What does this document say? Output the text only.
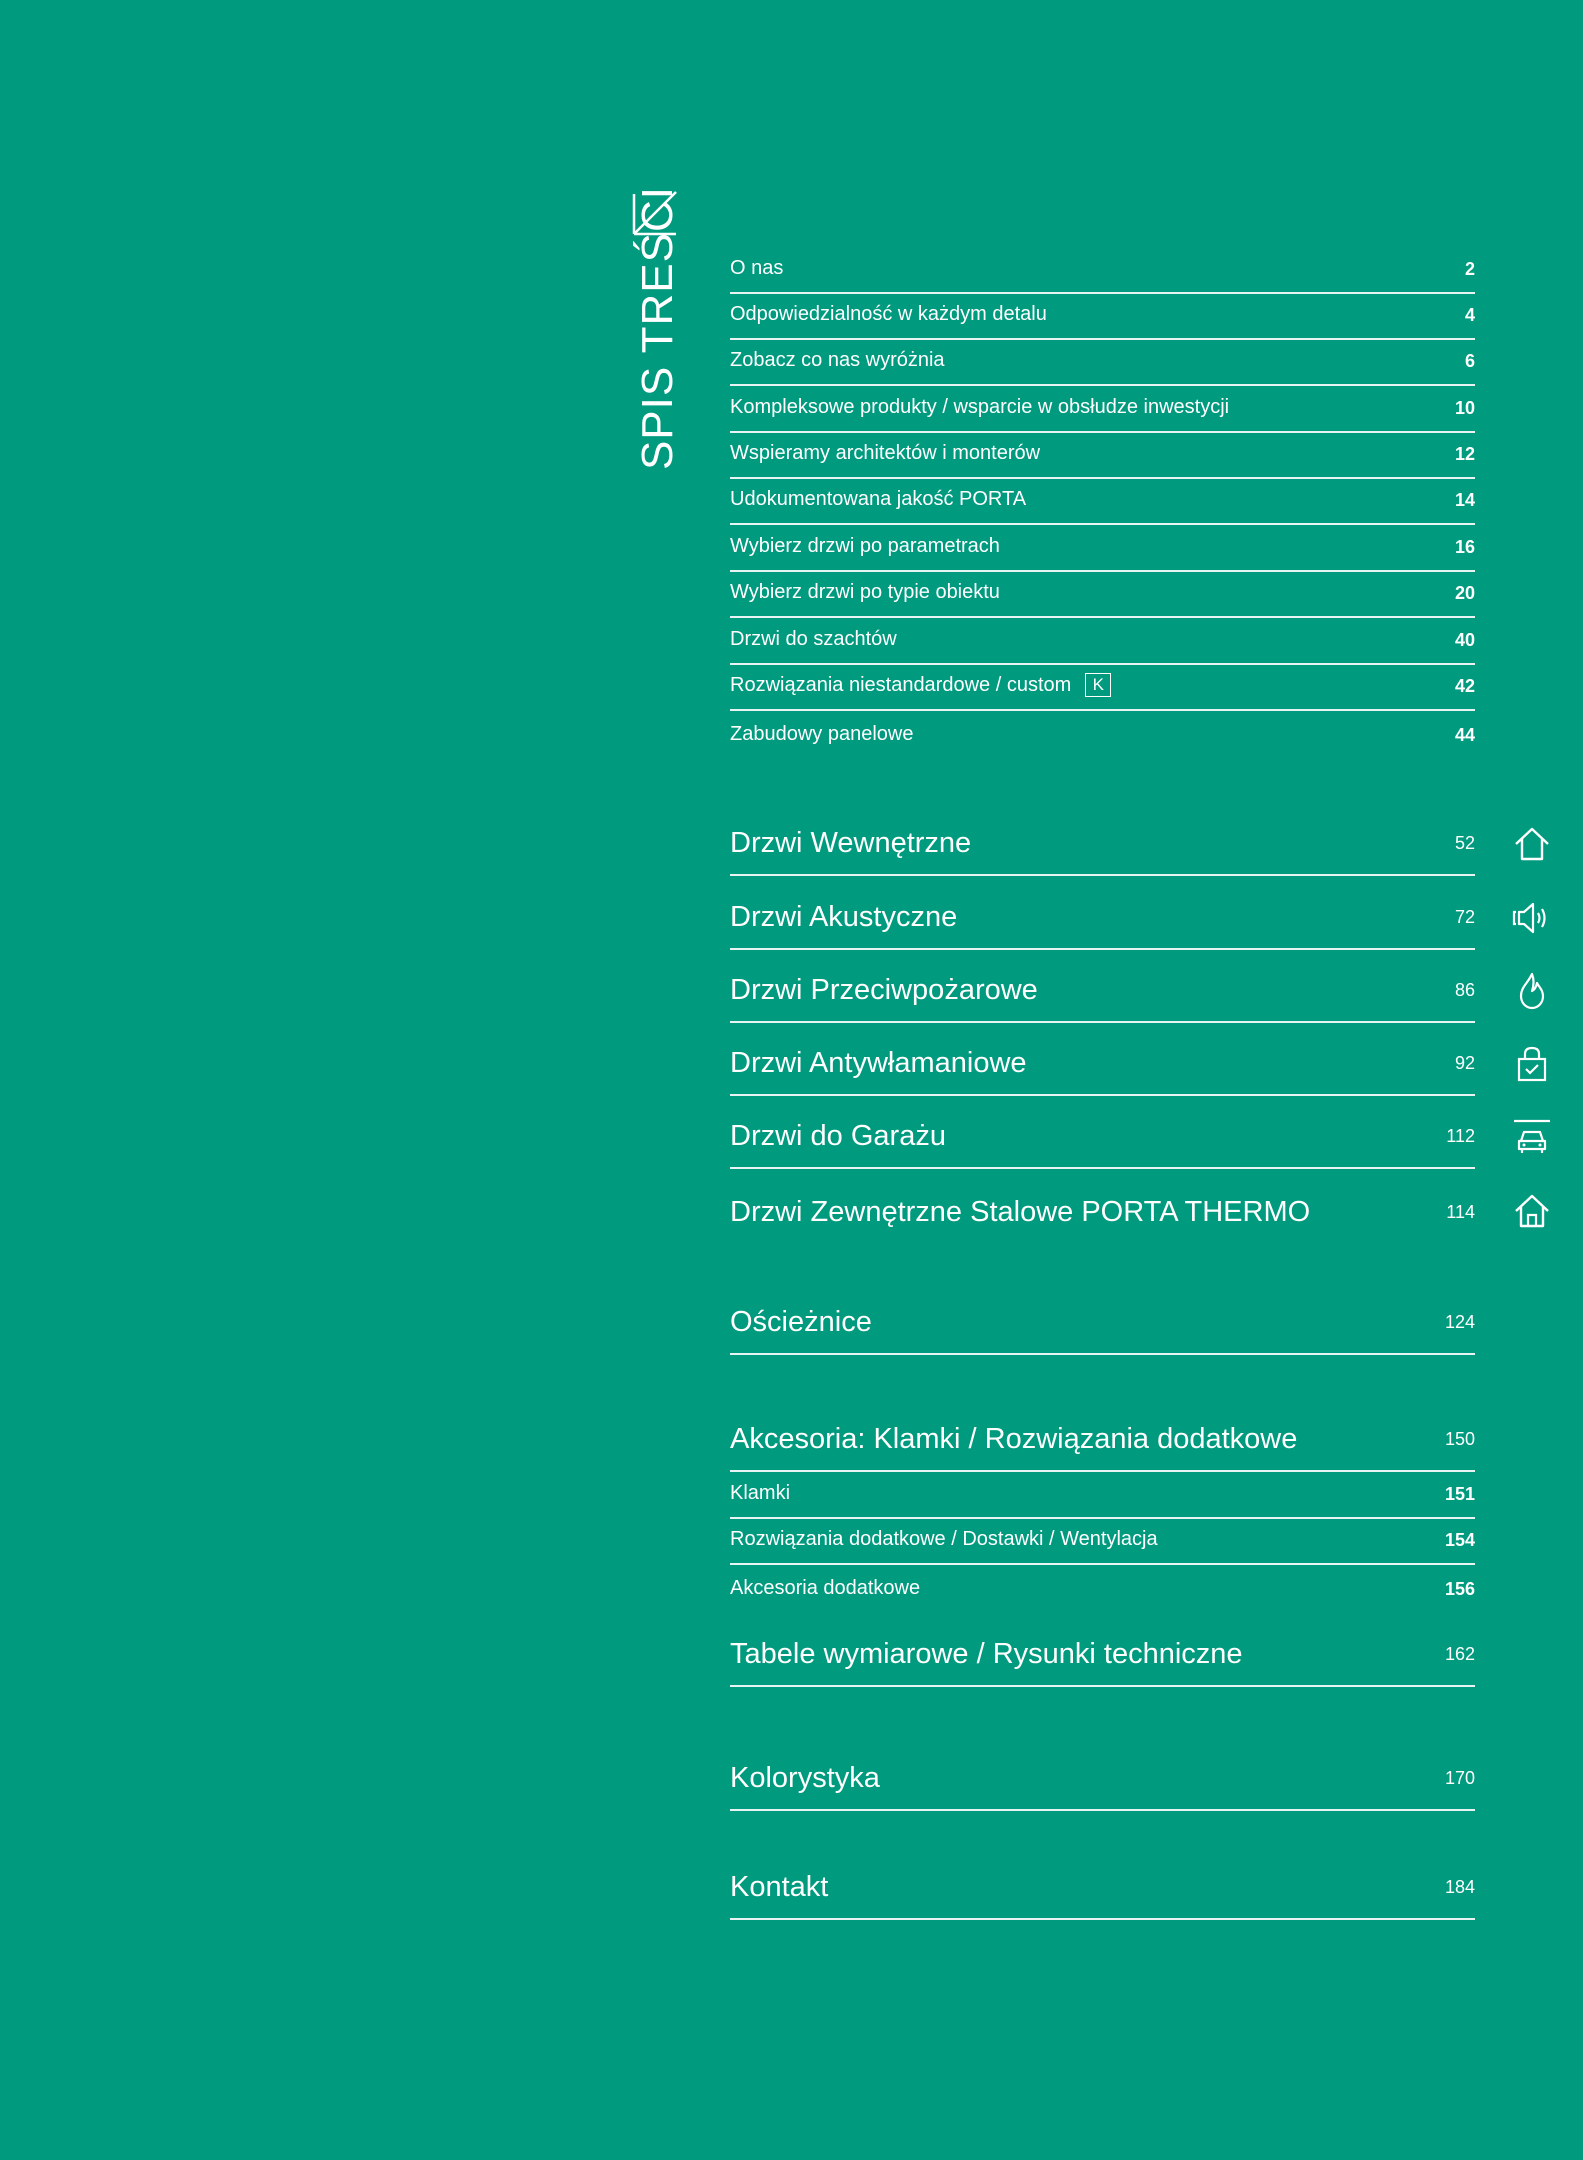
SPIS TREŚCI	O nas	2
Odpowiedzialność w każdym detalu	4
Zobacz co nas wyróżnia	6
Kompleksowe produkty / wsparcie w obsłudze inwestycji	10
Wspieramy architektów i monterów	12
Udokumentowana jakość PORTA	14
Wybierz drzwi po parametrach	16
Wybierz drzwi po typie obiektu	20
Drzwi do szachtów	40
Rozwiązania niestandardowe / custom	K	42
Zabudowy panelowe	44
Drzwi Wewnętrzne	52
Drzwi Akustyczne	72
Drzwi Przeciwpożarowe	86
Drzwi Antywłamaniowe	92
Drzwi do Garażu	112
Drzwi Zewnętrzne Stalowe PORTA THERMO	114
Ościeżnice	124
Akcesoria: Klamki / Rozwiązania dodatkowe	150
Klamki	151
Rozwiązania dodatkowe / Dostawki / Wentylacja	154
Akcesoria dodatkowe	156
Tabele wymiarowe / Rysunki techniczne	162
Kolorystyka	170
Kontakt	184
